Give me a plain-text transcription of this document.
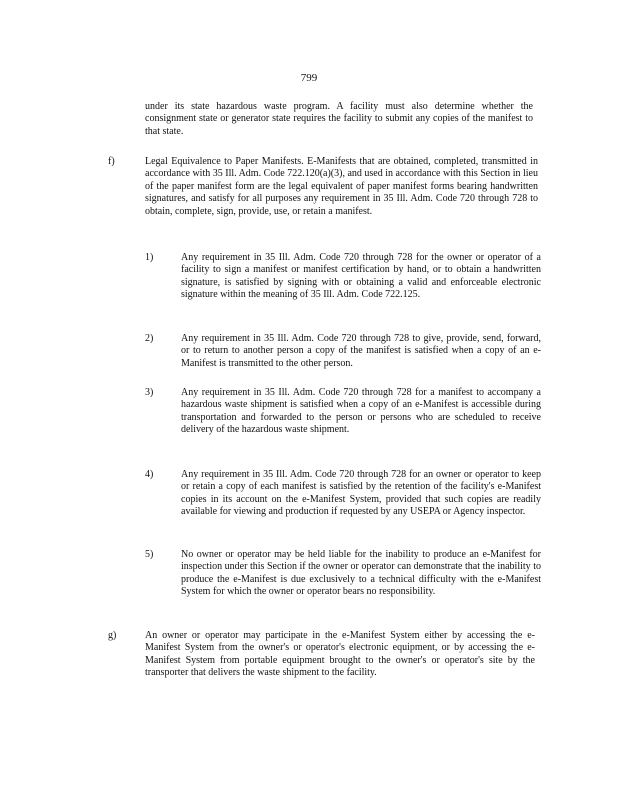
799
under its state hazardous waste program. A facility must also determine whether the consignment state or generator state requires the facility to submit any copies of the manifest to that state.
f)	Legal Equivalence to Paper Manifests. E-Manifests that are obtained, completed, transmitted in accordance with 35 Ill. Adm. Code 722.120(a)(3), and used in accordance with this Section in lieu of the paper manifest form are the legal equivalent of paper manifest forms bearing handwritten signatures, and satisfy for all purposes any requirement in 35 Ill. Adm. Code 720 through 728 to obtain, complete, sign, provide, use, or retain a manifest.
1)	Any requirement in 35 Ill. Adm. Code 720 through 728 for the owner or operator of a facility to sign a manifest or manifest certification by hand, or to obtain a handwritten signature, is satisfied by signing with or obtaining a valid and enforceable electronic signature within the meaning of 35 Ill. Adm. Code 722.125.
2)	Any requirement in 35 Ill. Adm. Code 720 through 728 to give, provide, send, forward, or to return to another person a copy of the manifest is satisfied when a copy of an e-Manifest is transmitted to the other person.
3)	Any requirement in 35 Ill. Adm. Code 720 through 728 for a manifest to accompany a hazardous waste shipment is satisfied when a copy of an e-Manifest is accessible during transportation and forwarded to the person or persons who are scheduled to receive delivery of the hazardous waste shipment.
4)	Any requirement in 35 Ill. Adm. Code 720 through 728 for an owner or operator to keep or retain a copy of each manifest is satisfied by the retention of the facility's e-Manifest copies in its account on the e-Manifest System, provided that such copies are readily available for viewing and production if requested by any USEPA or Agency inspector.
5)	No owner or operator may be held liable for the inability to produce an e-Manifest for inspection under this Section if the owner or operator can demonstrate that the inability to produce the e-Manifest is due exclusively to a technical difficulty with the e-Manifest System for which the owner or operator bears no responsibility.
g)	An owner or operator may participate in the e-Manifest System either by accessing the e-Manifest System from the owner's or operator's electronic equipment, or by accessing the e-Manifest System from portable equipment brought to the owner's or operator's site by the transporter that delivers the waste shipment to the facility.
